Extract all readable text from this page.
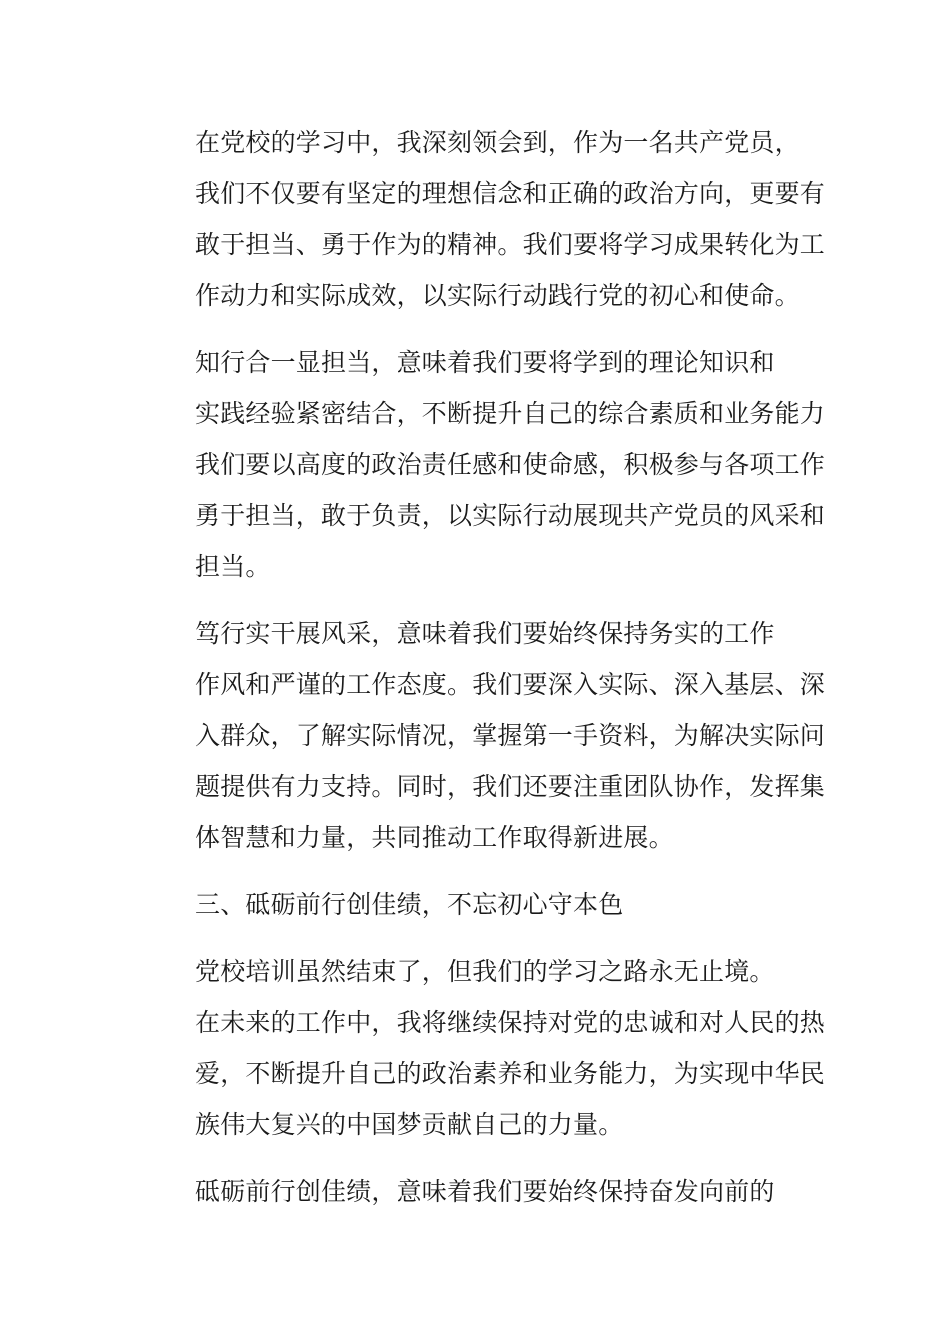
在党校的学习中，我深刻领会到，作为一名共产党员，
我们不仅要有坚定的理想信念和正确的政治方向，更要有
敢于担当、勇于作为的精神。我们要将学习成果转化为工
作动力和实际成效，以实际行动践行党的初心和使命。
知行合一显担当，意味着我们要将学到的理论知识和
实践经验紧密结合，不断提升自己的综合素质和业务能力
我们要以高度的政治责任感和使命感，积极参与各项工作
勇于担当，敢于负责，以实际行动展现共产党员的风采和
担当。
笃行实干展风采，意味着我们要始终保持务实的工作
作风和严谨的工作态度。我们要深入实际、深入基层、深
入群众，了解实际情况，掌握第一手资料，为解决实际问
题提供有力支持。同时，我们还要注重团队协作，发挥集
体智慧和力量，共同推动工作取得新进展。
三、砥砺前行创佳绩，不忘初心守本色
党校培训虽然结束了，但我们的学习之路永无止境。
在未来的工作中，我将继续保持对党的忠诚和对人民的热
爱，不断提升自己的政治素养和业务能力，为实现中华民
族伟大复兴的中国梦贡献自己的力量。
砥砺前行创佳绩，意味着我们要始终保持奋发向前的
